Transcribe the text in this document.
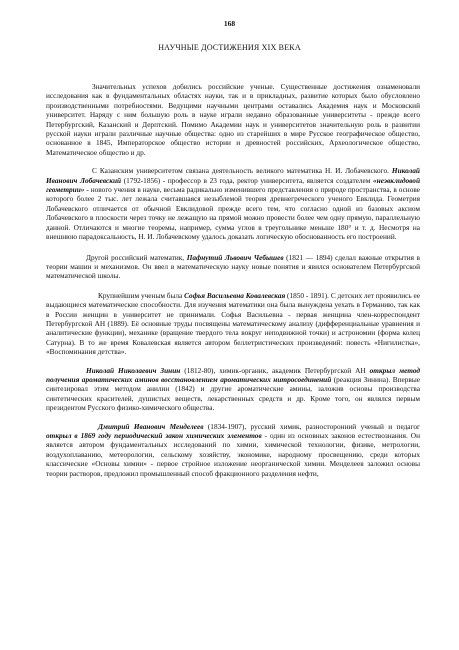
168
НАУЧНЫЕ ДОСТИЖЕНИЯ XIX ВЕКА

Значительных успехов добились российские ученые. Существенные достижения ознаменовали исследования как в фундаментальных областях науки, так и в прикладных, развитие которых было обусловлено производственными потребностями. Ведущими научными центрами оставались Академия наук и Московский университет. Наряду с ним большую роль в науке играли недавно образованные университеты - прежде всего Петербургский, Казанский и Дерптский. Помимо Академии наук и университетов значительную роль в развитии русской науки играли различные научные общества: одно из старейших в мире Русское географическое общество, основанное в 1845, Императорское общество истории и древностей российских, Археологическое общество, Математическое общество и др.

С Казанским университетом связана деятельность великого математика Н. И. Лобачевского. Николай Иванович Лобачевский (1792-1856) - профессор в 23 года, ректор университета, является создателем «неэвклидовой геометрии» - нового учения в науке, весьма радикально изменившего представления о природе пространства, в основе которого более 2 тыс. лет лежала считавшаяся незыблемой теория древнегреческого ученого Евклида. Геометрия Лобачевского отличается от обычной Евклидовой прежде всего тем, что согласно одной из базовых аксиом Лобачевского в плоскости через точку не лежащую на прямой можно провести более чем одну прямую, параллельную данной. Отличаются и многие теоремы, например, сумма углов в треугольнике меньше 180° и т. д. Несмотря на внешнюю парадоксальность, Н. И. Лобачевскому удалось доказать логическую обоснованность его построений.

Другой российский математик, Пафнутий Львович Чебышев (1821 — 1894) сделал важные открытия в теории машин и механизмов. Он ввел в математическую науку новые понятия и явился основателем Петербургской математической школы.

Крупнейшим ученым была Софья Васильевна Ковалевская (1850 - 1891). С детских лет проявились ее выдающиеся математические способности. Для изучения математики она была вынуждена уехать в Германию, так как в России женщин в университет не принимали. Софья Васильевна - первая женщина член-корреспондент Петербургской АН (1889). Её основные труды посвящены математическому анализу (дифференциальные уравнения и аналитические функции), механике (вращение твердого тела вокруг неподвижной точки) и астрономии (форма колец Сатурна). В то же время Ковалевская является автором беллетристических произведений: повесть «Нигилистка», «Воспоминания детства».

Николай Николаевич Зинин (1812-80), химик-органик, академик Петербургской АН открыл метод получения ароматических аминов восстановлением ароматических нитросоединений (реакция Зинина). Впервые синтезировал этим методом анилин (1842) и другие ароматические амины, заложив основы производства синтетических красителей, душистых веществ, лекарственных средств и др. Кроме того, он являлся первым президентом Русского физико-химического общества.

Дмитрий Иванович Менделеев (1834-1907), русский химик, разносторонний ученый и педагог открыл в 1869 году периодический закон химических элементов - один из основных законов естествознания. Он является автором фундаментальных исследований по химии, химической технологии, физике, метрологии, воздухоплаванию, метеорологии, сельскому хозяйству, экономике, народному просвещению, среди которых классические «Основы химии» - первое стройное изложение неорганической химии. Менделеев заложил основы теории растворов, предложил промышленный способ фракционного разделения нефти,
